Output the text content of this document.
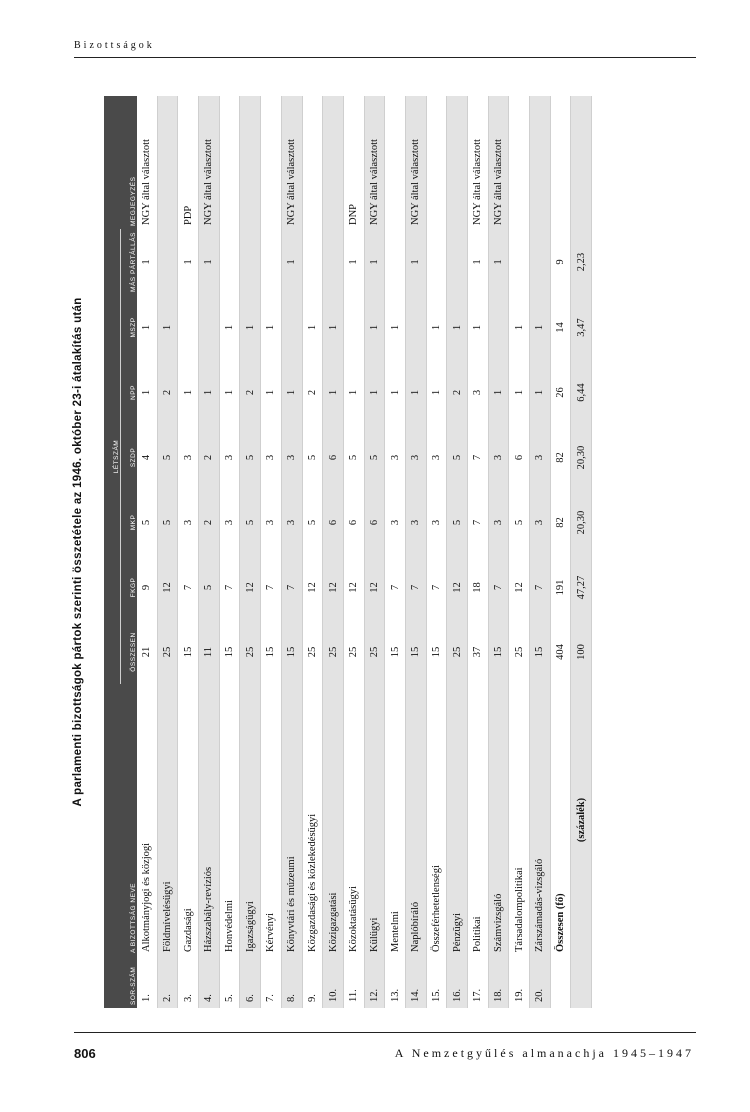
Bizottságok
A parlamenti bizottságok pártok szerinti összetétele az 1946. október 23-i átalakítás után
SOR-SZÁM	A BIZOTTSÁG NEVE	LÉTSZÁM							MEGJEGYZÉS
		ÖSSZESEN	FKGP	MKP	SZDP	NPP	MSZP	MÁS PÁRTÁLLÁS	
1.	Alkotmányjogi és közjogi	21	9	5	4	1	1	1	NGY által választott
2.	Földmívelésügyi	25	12	5	5	2	1		
3.	Gazdasági	15	7	3	3	1		1	PDP
4.	Házszabály-revíziós	11	5	2	2	1		1	NGY által választott
5.	Honvédelmi	15	7	3	3	1	1		
6.	Igazságügyi	25	12	5	5	2	1		
7.	Kérvényi	15	7	3	3	1	1		
8.	Könyvtári és múzeumi	15	7	3	3	1		1	NGY által választott
9.	Közgazdasági és közlekedésügyi	25	12	5	5	2	1		
10.	Közigazgatási	25	12	6	6	1	1		
11.	Közoktatásügyi	25	12	6	5	1		1	DNP
12.	Külügyi	25	12	6	5	1	1	1	NGY által választott
13.	Mentelmi	15	7	3	3	1	1		
14.	Naplóbíráló	15	7	3	3	1		1	NGY által választott
15.	Összeférhetetlenségi	15	7	3	3	1	1		
16.	Pénzügyi	25	12	5	5	2	1		
17.	Politikai	37	18	7	7	3	1	1	NGY által választott
18.	Számvizsgáló	15	7	3	3	1		1	NGY által választott
19.	Társadalompolitikai	25	12	5	6	1	1		
20.	Zárszámadás-vizsgáló	15	7	3	3	1	1		
	Összesen (fő)	404	191	82	82	26	14	9	
	(százalék)	100	47,27	20,30	20,30	6,44	3,47	2,23	
806	A Nemzetgyűlés almanachja 1945–1947
